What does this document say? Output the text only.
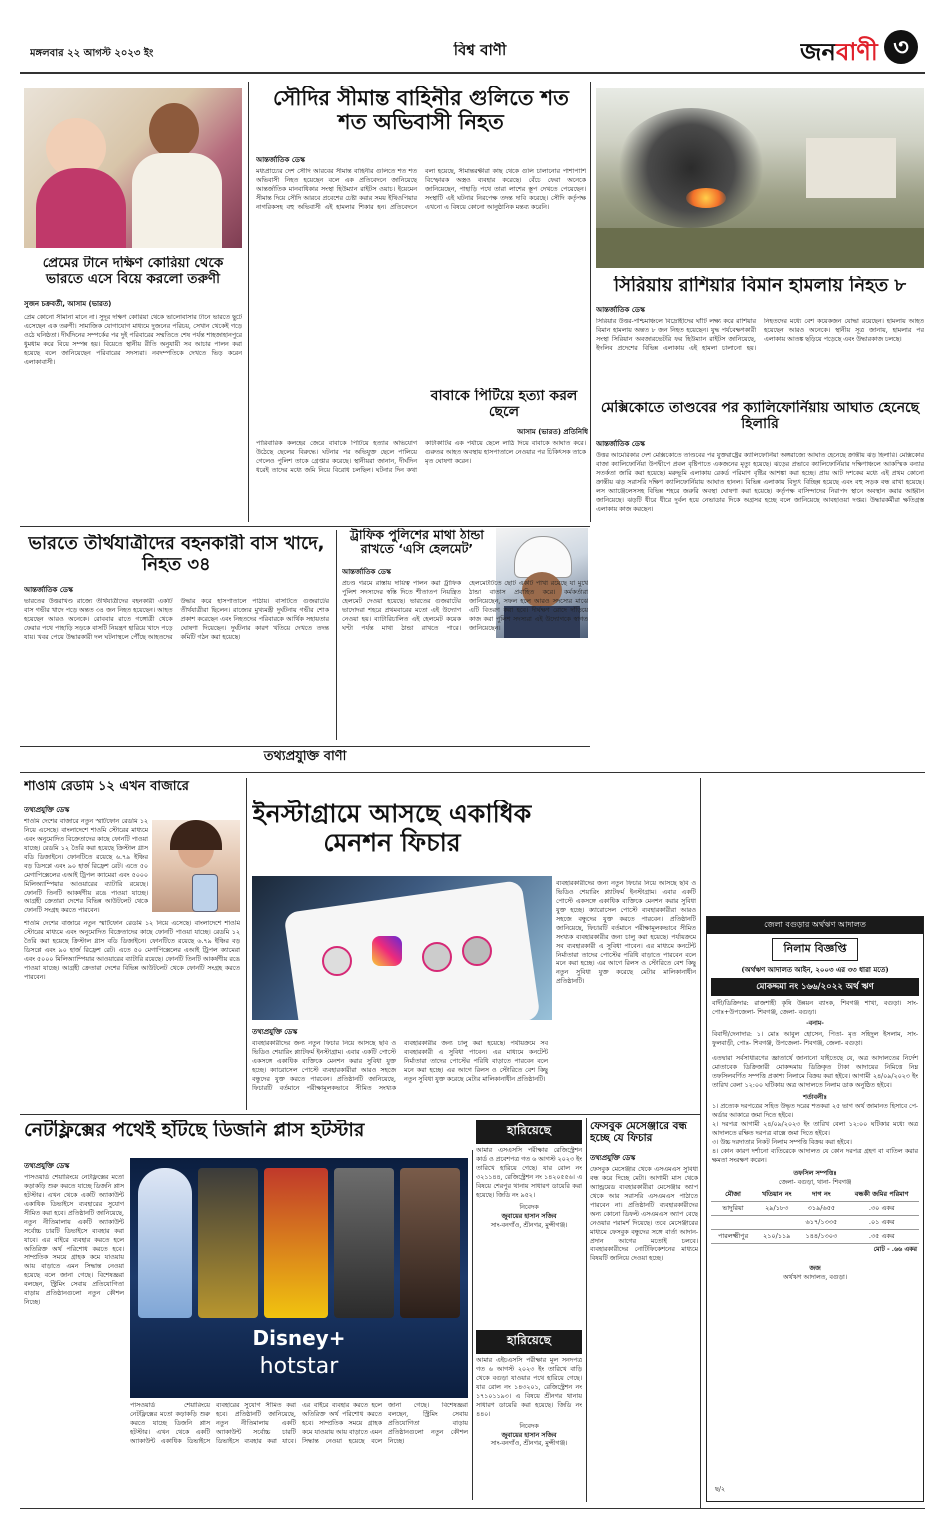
মঙ্গলবার ২২ আগস্ট ২০২৩ ইং	বিশ্ব বাণী	জন বাণী ৩
প্রেমের টানে দক্ষিণ কোরিয়া থেকে ভারতে এসে বিয়ে করলো তরুণী
সুজন চক্রবর্তী, আসাম (ভারত)
প্রেম কোনো সীমানা মানে না। সুদূর দক্ষিণ কোরিয়া থেকে ভালোবাসার টানে ভারতে ছুটে এসেছেন এক তরুণী। সামাজিক যোগাযোগ মাধ্যমে দুজনের পরিচয়, সেখান থেকেই গড়ে ওঠে ঘনিষ্ঠতা। দীর্ঘদিনের সম্পর্কের পর দুই পরিবারের সম্মতিতে শেষ পর্যন্ত শাহজাহানপুরে ধুমধাম করে বিয়ে সম্পন্ন হয়। বিয়েতে স্থানীয় রীতি অনুযায়ী সব আচার পালন করা হয়েছে বলে জানিয়েছেন পরিবারের সদস্যরা। নবদম্পতিকে দেখতে ভিড় করেন এলাকাবাসী।
সৌদির সীমান্ত বাহিনীর গুলিতে শত শত অভিবাসী নিহত
আন্তর্জাতিক ডেস্ক
মধ্যপ্রাচ্যের দেশ সৌদি আরবের সীমান্ত বাহিনীর গুলিতে শত শত অভিবাসী নিহত হয়েছেন বলে এক প্রতিবেদনে জানিয়েছে আন্তর্জাতিক মানবাধিকার সংস্থা হিউম্যান রাইটস ওয়াচ। ইয়েমেন সীমান্ত দিয়ে সৌদি আরবে প্রবেশের চেষ্টা করার সময় ইথিওপিয়ার নাগরিকসহ বহু অভিবাসী এই হামলার শিকার হন। প্রতিবেদনে বলা হয়েছে, সীমান্তরক্ষীরা কাছ থেকে গুলি চালানোর পাশাপাশি বিস্ফোরক অস্ত্রও ব্যবহার করেছে। বেঁচে ফেরা অনেকে জানিয়েছেন, পাহাড়ি পথে তারা লাশের স্তূপ দেখতে পেয়েছেন। সংস্থাটি এই ঘটনার নিরপেক্ষ তদন্ত দাবি করেছে। সৌদি কর্তৃপক্ষ এখনো এ বিষয়ে কোনো আনুষ্ঠানিক মন্তব্য করেনি।
বাবাকে পিটিয়ে হত্যা করল ছেলে
আসাম (ভারত) প্রতিনিধি
পারিবারিক কলহের জেরে বাবাকে পিটিয়ে হত্যার অভিযোগ উঠেছে ছেলের বিরুদ্ধে। ঘটনার পর অভিযুক্ত ছেলে পালিয়ে গেলেও পুলিশ তাকে গ্রেপ্তার করেছে। স্থানীয়রা জানান, দীর্ঘদিন ধরেই তাদের মধ্যে জমি নিয়ে বিরোধ চলছিল। ঘটনার দিন কথা কাটাকাটির এক পর্যায়ে ছেলে লাঠি দিয়ে বাবাকে আঘাত করে। গুরুতর আহত অবস্থায় হাসপাতালে নেওয়ার পর চিকিৎসক তাকে মৃত ঘোষণা করেন।
সিরিয়ায় রাশিয়ার বিমান হামলায় নিহত ৮
আন্তর্জাতিক ডেস্ক
সিরিয়ার উত্তর-পশ্চিমাঞ্চলে বিদ্রোহীদের ঘাঁটি লক্ষ্য করে রাশিয়ার বিমান হামলায় অন্তত ৮ জন নিহত হয়েছেন। যুদ্ধ পর্যবেক্ষণকারী সংস্থা সিরিয়ান অবজারভেটরি ফর হিউম্যান রাইটস জানিয়েছে, ইদলিব প্রদেশের বিভিন্ন এলাকায় এই হামলা চালানো হয়। নিহতদের মধ্যে বেশ কয়েকজন যোদ্ধা রয়েছেন। হামলায় আহত হয়েছেন আরও অনেকে। স্থানীয় সূত্র জানায়, হামলার পর এলাকায় আতঙ্ক ছড়িয়ে পড়েছে এবং উদ্ধারকাজ চলছে।
মেক্সিকোতে তাণ্ডবের পর ক্যালিফোর্নিয়ায় আঘাত হেনেছে হিলারি
আন্তর্জাতিক ডেস্ক
উত্তর আমেরিকার দেশ মেক্সিকোতে তাণ্ডবের পর যুক্তরাষ্ট্রের ক্যালিফোর্নিয়া অঙ্গরাজ্যে আঘাত হেনেছে ক্রান্তীয় ঝড় হিলারি। মেক্সিকোর বাজা ক্যালিফোর্নিয়া উপদ্বীপে প্রবল বৃষ্টিপাতে একজনের মৃত্যু হয়েছে। ঝড়ের প্রভাবে ক্যালিফোর্নিয়ার দক্ষিণাঞ্চলে আকস্মিক বন্যার সতর্কতা জারি করা হয়েছে। মরুভূমি এলাকায় রেকর্ড পরিমাণ বৃষ্টির আশঙ্কা করা হচ্ছে। প্রায় আট দশকের মধ্যে এই প্রথম কোনো ক্রান্তীয় ঝড় সরাসরি দক্ষিণ ক্যালিফোর্নিয়ায় আঘাত হানল। বিভিন্ন এলাকায় বিদ্যুৎ বিচ্ছিন্ন হয়েছে এবং বহু সড়ক বন্ধ রাখা হয়েছে। লস অ্যাঞ্জেলেসসহ বিভিন্ন শহরে জরুরি অবস্থা ঘোষণা করা হয়েছে। কর্তৃপক্ষ বাসিন্দাদের নিরাপদ স্থানে অবস্থান করার আহ্বান জানিয়েছে। ঝড়টি ধীরে ধীরে দুর্বল হয়ে নেভাডার দিকে অগ্রসর হচ্ছে বলে জানিয়েছে আবহাওয়া দপ্তর। উদ্ধারকর্মীরা ক্ষতিগ্রস্ত এলাকায় কাজ করছেন।
ভারতে তীর্থযাত্রীদের বহনকারী বাস খাদে, নিহত ৩৪
আন্তর্জাতিক ডেস্ক
ভারতের উত্তরাখণ্ড রাজ্যে তীর্থযাত্রীদের বহনকারী একটি বাস গভীর খাদে পড়ে অন্তত ৩৪ জন নিহত হয়েছেন। আহত হয়েছেন আরও অনেকে। রোববার রাতে গঙ্গোত্রী থেকে ফেরার পথে পাহাড়ি সড়কে বাসটি নিয়ন্ত্রণ হারিয়ে খাদে পড়ে যায়। খবর পেয়ে উদ্ধারকারী দল ঘটনাস্থলে পৌঁছে আহতদের উদ্ধার করে হাসপাতালে পাঠায়। বাসটিতে গুজরাটের তীর্থযাত্রীরা ছিলেন। রাজ্যের মুখ্যমন্ত্রী দুর্ঘটনায় গভীর শোক প্রকাশ করেছেন এবং নিহতদের পরিবারকে আর্থিক সহায়তার ঘোষণা দিয়েছেন। দুর্ঘটনার কারণ খতিয়ে দেখতে তদন্ত কমিটি গঠন করা হয়েছে।
ট্রাফিক পুলিশের মাথা ঠান্ডা রাখতে ‘এসি হেলমেট’
আন্তর্জাতিক ডেস্ক
প্রচণ্ড গরমে রাস্তায় দায়িত্ব পালন করা ট্রাফিক পুলিশ সদস্যদের স্বস্তি দিতে শীতাতপ নিয়ন্ত্রিত হেলমেট দেওয়া হয়েছে। ভারতের গুজরাটের ভাদোদরা শহরে প্রথমবারের মতো এই উদ্যোগ নেওয়া হয়। ব্যাটারিচালিত এই হেলমেট কয়েক ঘণ্টা পর্যন্ত মাথা ঠান্ডা রাখতে পারে। হেলমেটটিতে ছোট একটি পাখা রয়েছে যা মুখে ঠান্ডা বাতাস প্রবাহিত করে। কর্মকর্তারা জানিয়েছেন, সফল হলে আরও সদস্যের মাঝে এটি বিতরণ করা হবে। দীর্ঘক্ষণ রোদে দাঁড়িয়ে কাজ করা পুলিশ সদস্যরা এই উদ্যোগকে স্বাগত জানিয়েছেন।
তথ্যপ্রযুক্তি বাণী
শাওমি রেডমি ১২ এখন বাজারে
তথ্যপ্রযুক্তি ডেস্ক
শাওমি দেশের বাজারে নতুন স্মার্টফোন রেডমি ১২ নিয়ে এসেছে। বাংলাদেশে শাওমি স্টোরের মাধ্যমে এবং অনুমোদিত বিক্রেতাদের কাছে ফোনটি পাওয়া যাচ্ছে। রেডমি ১২ তৈরি করা হয়েছে ক্রিস্টাল গ্লাস বডি ডিজাইনে। ফোনটিতে রয়েছে ৬.৭৯ ইঞ্চির বড় ডিসপ্লে এবং ৯০ হার্জ রিফ্রেশ রেট। এতে ৫০ মেগাপিক্সেলের এআই ট্রিপল ক্যামেরা এবং ৫০০০ মিলিঅ্যাম্পিয়ার আওয়ারের ব্যাটারি রয়েছে। ফোনটি তিনটি আকর্ষণীয় রঙে পাওয়া যাচ্ছে। আগ্রহী ক্রেতারা দেশের বিভিন্ন আউটলেট থেকে ফোনটি সংগ্রহ করতে পারবেন।
শাওমি দেশের বাজারে নতুন স্মার্টফোন রেডমি ১২ নিয়ে এসেছে। বাংলাদেশে শাওমি স্টোরের মাধ্যমে এবং অনুমোদিত বিক্রেতাদের কাছে ফোনটি পাওয়া যাচ্ছে। রেডমি ১২ তৈরি করা হয়েছে ক্রিস্টাল গ্লাস বডি ডিজাইনে। ফোনটিতে রয়েছে ৬.৭৯ ইঞ্চির বড় ডিসপ্লে এবং ৯০ হার্জ রিফ্রেশ রেট। এতে ৫০ মেগাপিক্সেলের এআই ট্রিপল ক্যামেরা এবং ৫০০০ মিলিঅ্যাম্পিয়ার আওয়ারের ব্যাটারি রয়েছে। ফোনটি তিনটি আকর্ষণীয় রঙে পাওয়া যাচ্ছে। আগ্রহী ক্রেতারা দেশের বিভিন্ন আউটলেট থেকে ফোনটি সংগ্রহ করতে পারবেন।
ইনস্টাগ্রামে আসছে একাধিক মেনশন ফিচার
তথ্যপ্রযুক্তি ডেস্ক
ব্যবহারকারীদের জন্য নতুন ফিচার নিয়ে আসছে ছবি ও ভিডিও শেয়ারিং প্ল্যাটফর্ম ইনস্টাগ্রাম। এবার একটি পোস্টে একসঙ্গে একাধিক ব্যক্তিকে মেনশন করার সুবিধা যুক্ত হচ্ছে। ক্যারোসেল পোস্টে ব্যবহারকারীরা আরও সহজে বন্ধুদের যুক্ত করতে পারবেন। প্রতিষ্ঠানটি জানিয়েছে, ফিচারটি বর্তমানে পরীক্ষামূলকভাবে সীমিত সংখ্যক ব্যবহারকারীর জন্য চালু করা হয়েছে। পর্যায়ক্রমে সব ব্যবহারকারী এ সুবিধা পাবেন। এর মাধ্যমে কনটেন্ট নির্মাতারা তাদের পোস্টের পরিধি বাড়াতে পারবেন বলে মনে করা হচ্ছে। এর আগে রিলস ও স্টোরিতে বেশ কিছু নতুন সুবিধা যুক্ত করেছে মেটার মালিকানাধীন প্রতিষ্ঠানটি।
ব্যবহারকারীদের জন্য নতুন ফিচার নিয়ে আসছে ছবি ও ভিডিও শেয়ারিং প্ল্যাটফর্ম ইনস্টাগ্রাম। এবার একটি পোস্টে একসঙ্গে একাধিক ব্যক্তিকে মেনশন করার সুবিধা যুক্ত হচ্ছে। ক্যারোসেল পোস্টে ব্যবহারকারীরা আরও সহজে বন্ধুদের যুক্ত করতে পারবেন। প্রতিষ্ঠানটি জানিয়েছে, ফিচারটি বর্তমানে পরীক্ষামূলকভাবে সীমিত সংখ্যক ব্যবহারকারীর জন্য চালু করা হয়েছে। পর্যায়ক্রমে সব ব্যবহারকারী এ সুবিধা পাবেন। এর মাধ্যমে কনটেন্ট নির্মাতারা তাদের পোস্টের পরিধি বাড়াতে পারবেন বলে মনে করা হচ্ছে। এর আগে রিলস ও স্টোরিতে বেশ কিছু নতুন সুবিধা যুক্ত করেছে মেটার মালিকানাধীন প্রতিষ্ঠানটি।
জেলা বগুড়ার অর্থঋণ আদালত
নিলাম বিজ্ঞপ্তি
(অর্থঋণ আদালত আইন, ২০০৩ এর ৩৩ ধারা মতে)
মোকদ্দমা নং ১৬৬/২০২২ অর্থ ঋণ
বাদী/ডিক্রিদার: রাজশাহী কৃষি উন্নয়ন ব্যাংক, শিবগঞ্জ শাখা, বগুড়া। সাং-পোঃ+উপজেলা- শিবগঞ্জ, জেলা- বগুড়া।
-বনাম-
বিবাদী/দেনাদার: ১। মোঃ আবুল হোসেন, পিতা- মৃত সহিদুল ইসলাম, সাং- ফুলবাড়ী, পোঃ- শিবগঞ্জ, উপজেলা- শিবগঞ্জ, জেলা- বগুড়া।
এতদ্বারা সর্বসাধারণের জ্ঞাতার্থে জানানো যাইতেছে যে, অত্র আদালতের নির্দেশ মোতাবেক ডিক্রিজারী মোকদ্দমায় ডিক্রিকৃত টাকা আদায়ের নিমিত্তে নিম্ন তফসিলবর্ণিত সম্পত্তি প্রকাশ্য নিলামে বিক্রয় করা হইবে। আগামী ২৪/০৯/২০২৩ ইং তারিখ বেলা ১২:০০ ঘটিকায় অত্র আদালতে নিলাম ডাক অনুষ্ঠিত হইবে।
শর্তাবলীঃ
১। প্রত্যেক দরপত্রের সহিত উদ্ধৃত দরের শতকরা ২৫ ভাগ অর্থ জামানত হিসাবে পে-অর্ডার আকারে জমা দিতে হইবে।
২। দরপত্র আগামী ২৪/০৯/২০২৩ ইং তারিখ বেলা ১২:০০ ঘটিকার মধ্যে অত্র আদালতে রক্ষিত দরপত্র বাক্সে জমা দিতে হইবে।
৩। উচ্চ দরদাতার নিকট নিলাম সম্পত্তি বিক্রয় করা হইবে।
৪। কোন কারণ দর্শানো ব্যতিরেকে আদালত যে কোন দরপত্র গ্রহণ বা বাতিল করার ক্ষমতা সংরক্ষণ করেন।
তফসিল সম্পত্তিঃ
জেলা- বগুড়া, থানা- শিবগঞ্জ
মৌজা	খতিয়ান নং	দাগ নং	বন্ধকী জমির পরিমাণ
ভাদুরিয়া	২৯/১৮৩	৩১৯/৬৫৫	.৩০ একর
		৬১৭/১৩৩৫	.০১ একর
পারলক্ষ্মীপুর	২১০/১১৯	১৪৪/১৩০৩	.৩৫ একর
মোট - .৬৬ একর
জজ
অর্থঋণ আদালত, বগুড়া।
ছ/২
নেটফ্লিক্সের পথেই হাঁটছে ডিজনি প্লাস হটস্টার
তথ্যপ্রযুক্তি ডেস্ক
পাসওয়ার্ড শেয়ারিংয়ে নেটফ্লিক্সের মতো কড়াকড়ি শুরু করতে যাচ্ছে ডিজনি প্লাস হটস্টার। এখন থেকে একটি অ্যাকাউন্ট একাধিক ডিভাইসে ব্যবহারের সুযোগ সীমিত করা হবে। প্রতিষ্ঠানটি জানিয়েছে, নতুন নীতিমালায় একটি অ্যাকাউন্ট সর্বোচ্চ চারটি ডিভাইসে ব্যবহার করা যাবে। এর বাইরে ব্যবহার করতে হলে অতিরিক্ত অর্থ পরিশোধ করতে হবে। সাম্প্রতিক সময়ে গ্রাহক কমে যাওয়ায় আয় বাড়াতে এমন সিদ্ধান্ত নেওয়া হয়েছে বলে জানা গেছে। বিশেষজ্ঞরা বলছেন, স্ট্রিমিং সেবায় প্রতিযোগিতা বাড়ায় প্রতিষ্ঠানগুলো নতুন কৌশল নিচ্ছে।
Disney+
hotstar
পাসওয়ার্ড শেয়ারিংয়ে নেটফ্লিক্সের মতো কড়াকড়ি শুরু করতে যাচ্ছে ডিজনি প্লাস হটস্টার। এখন থেকে একটি অ্যাকাউন্ট একাধিক ডিভাইসে ব্যবহারের সুযোগ সীমিত করা হবে। প্রতিষ্ঠানটি জানিয়েছে, নতুন নীতিমালায় একটি অ্যাকাউন্ট সর্বোচ্চ চারটি ডিভাইসে ব্যবহার করা যাবে। এর বাইরে ব্যবহার করতে হলে অতিরিক্ত অর্থ পরিশোধ করতে হবে। সাম্প্রতিক সময়ে গ্রাহক কমে যাওয়ায় আয় বাড়াতে এমন সিদ্ধান্ত নেওয়া হয়েছে বলে জানা গেছে। বিশেষজ্ঞরা বলছেন, স্ট্রিমিং সেবায় প্রতিযোগিতা বাড়ায় প্রতিষ্ঠানগুলো নতুন কৌশল নিচ্ছে।
হারিয়েছে
আমার এসএসসি পরীক্ষার রেজিস্ট্রেশন কার্ড ও প্রবেশপত্র গত ৬ আগস্ট ২০২৩ ইং তারিখে হারিয়ে গেছে। যার রোল নং ৩২১১৪৪, রেজিস্ট্রেশন নং ১৪২০৫৫৬। এ বিষয়ে শেরপুর থানায় সাধারণ ডায়েরি করা হয়েছে। জিডি নং ৯৫২।
নিবেদক
জুবায়ের হাসান সজিব
সাং-বনগাঁও, শ্রীনগর, মুন্সীগঞ্জ।
হারিয়েছে
আমার এইচএসসি পরীক্ষার মূল সনদপত্র গত ৬ আগস্ট ২০২৩ ইং তারিখে বাড়ি থেকে বগুড়া যাওয়ার পথে হারিয়ে গেছে। যার রোল নং ১৪৩২০১, রেজিস্ট্রেশন নং ১৭১০১১৯৩। এ বিষয়ে শ্রীনগর থানায় সাধারণ ডায়েরি করা হয়েছে। জিডি নং ৪৪০।
নিবেদক
জুবায়ের হাসান সজিব
সাং-বনগাঁও, শ্রীনগর, মুন্সীগঞ্জ।
ফেসবুক মেসেঞ্জারে বন্ধ হচ্ছে যে ফিচার
তথ্যপ্রযুক্তি ডেস্ক
ফেসবুক মেসেঞ্জার থেকে এসএমএস সুবিধা বন্ধ করে দিচ্ছে মেটা। আগামী মাস থেকে অ্যান্ড্রয়েড ব্যবহারকারীরা মেসেঞ্জার অ্যাপ থেকে আর সরাসরি এসএমএস পাঠাতে পারবেন না। প্রতিষ্ঠানটি ব্যবহারকারীদের অন্য কোনো ডিফল্ট এসএমএস অ্যাপ বেছে নেওয়ার পরামর্শ দিয়েছে। তবে মেসেঞ্জারের মাধ্যমে ফেসবুক বন্ধুদের সঙ্গে বার্তা আদান-প্রদান আগের মতোই চলবে। ব্যবহারকারীদের নোটিফিকেশনের মাধ্যমে বিষয়টি জানিয়ে দেওয়া হচ্ছে।
